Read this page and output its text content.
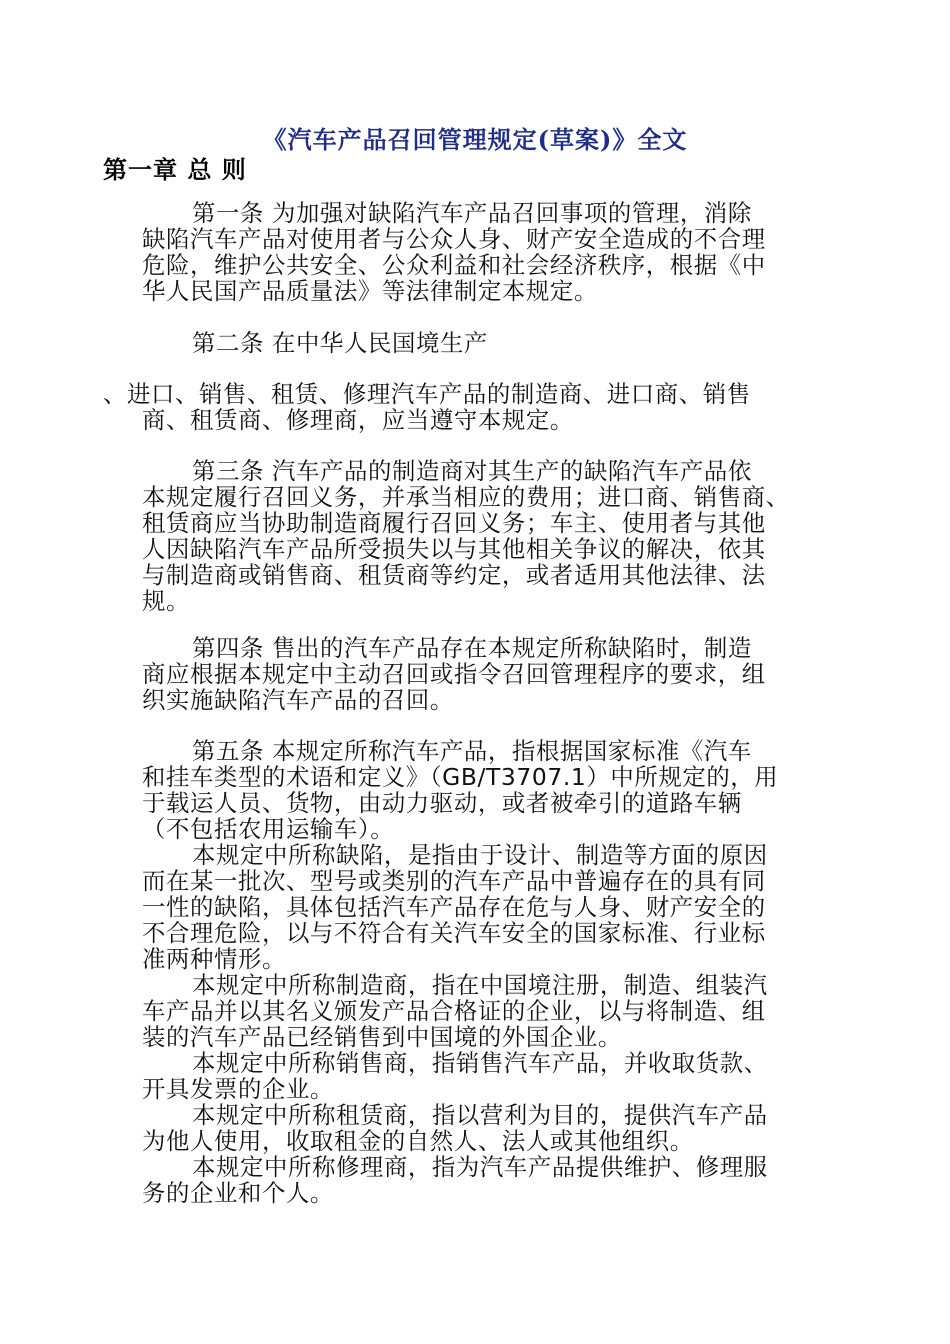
《汽车产品召回管理规定(草案)》全文
第一章 总 则
第一条 为加强对缺陷汽车产品召回事项的管理，消除
缺陷汽车产品对使用者与公众人身、财产安全造成的不合理
危险，维护公共安全、公众利益和社会经济秩序，根据《中
华人民国产品质量法》等法律制定本规定。
第二条 在中华人民国境生产
、进口、销售、租赁、修理汽车产品的制造商、进口商、销售
商、租赁商、修理商，应当遵守本规定。
第三条 汽车产品的制造商对其生产的缺陷汽车产品依
本规定履行召回义务，并承当相应的费用；进口商、销售商、
租赁商应当协助制造商履行召回义务；车主、使用者与其他
人因缺陷汽车产品所受损失以与其他相关争议的解决，依其
与制造商或销售商、租赁商等约定，或者适用其他法律、法
规。
第四条 售出的汽车产品存在本规定所称缺陷时，制造
商应根据本规定中主动召回或指令召回管理程序的要求，组
织实施缺陷汽车产品的召回。
第五条 本规定所称汽车产品，指根据国家标准《汽车
和挂车类型的术语和定义》（GB/T3707.1）中所规定的，用
于载运人员、货物，由动力驱动，或者被牵引的道路车辆
（不包括农用运输车）。
本规定中所称缺陷，是指由于设计、制造等方面的原因
而在某一批次、型号或类别的汽车产品中普遍存在的具有同
一性的缺陷，具体包括汽车产品存在危与人身、财产安全的
不合理危险，以与不符合有关汽车安全的国家标准、行业标
准两种情形。
本规定中所称制造商，指在中国境注册，制造、组装汽
车产品并以其名义颁发产品合格证的企业，以与将制造、组
装的汽车产品已经销售到中国境的外国企业。
本规定中所称销售商，指销售汽车产品，并收取货款、
开具发票的企业。
本规定中所称租赁商，指以营利为目的，提供汽车产品
为他人使用，收取租金的自然人、法人或其他组织。
本规定中所称修理商，指为汽车产品提供维护、修理服
务的企业和个人。
